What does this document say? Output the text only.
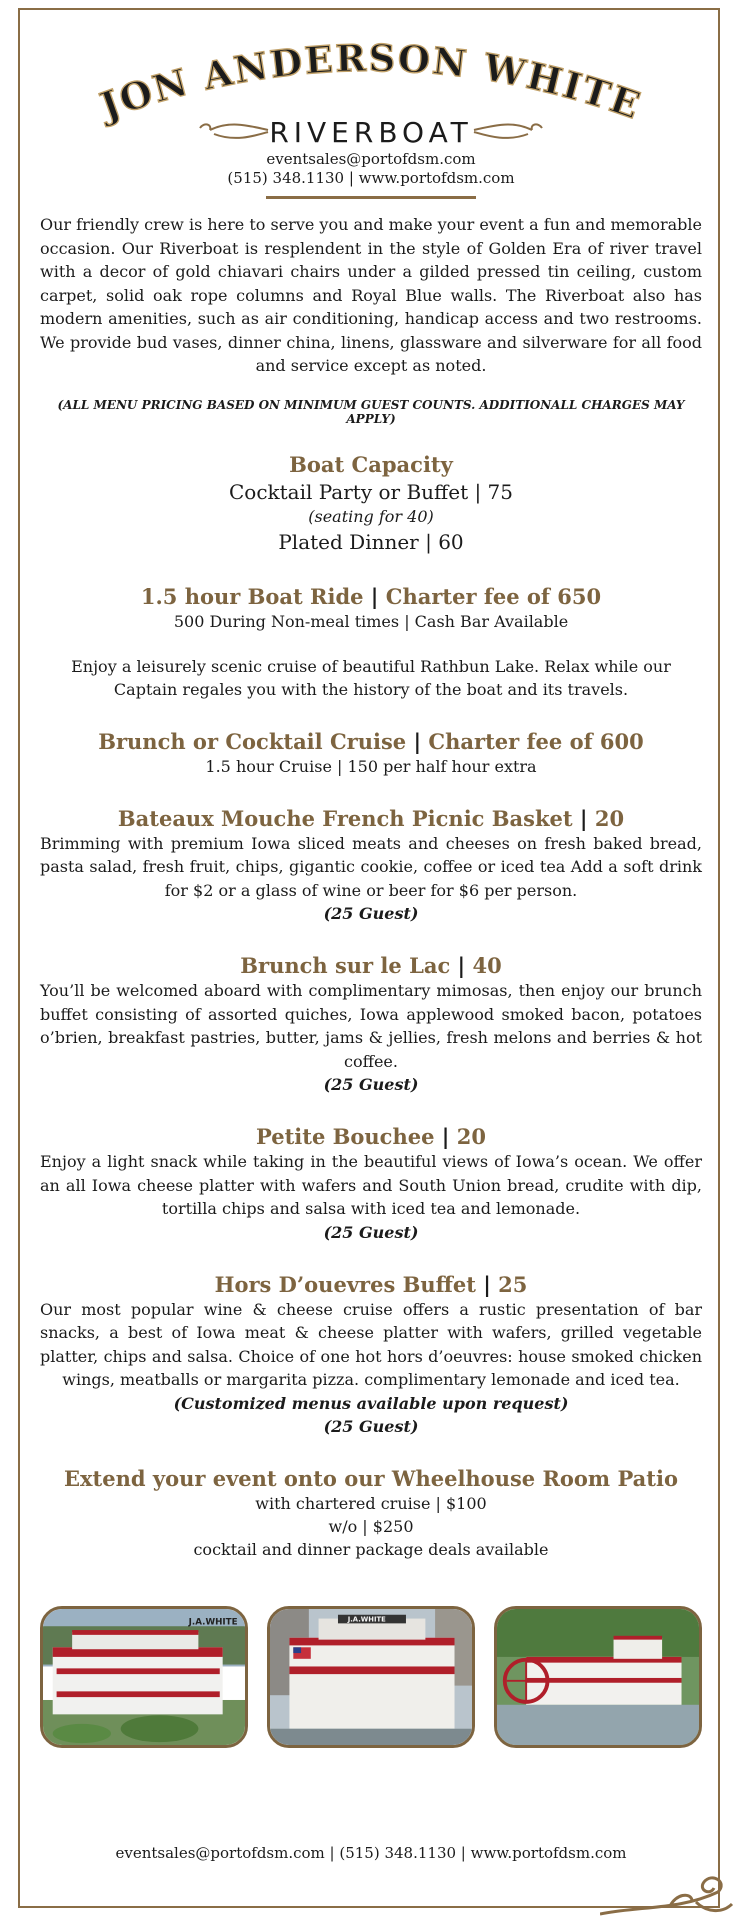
JON ANDERSON WHITE
RIVERBOAT
eventsales@portofdsm.com
(515) 348.1130 | www.portofdsm.com

Our friendly crew is here to serve you and make your event a fun and memorable occasion. Our Riverboat is resplendent in the style of Golden Era of river travel with a decor of gold chiavari chairs under a gilded pressed tin ceiling, custom carpet, solid oak rope columns and Royal Blue walls. The Riverboat also has modern amenities, such as air conditioning, handicap access and two restrooms. We provide bud vases, dinner china, linens, glassware and silverware for all food and service except as noted.

(ALL MENU PRICING BASED ON MINIMUM GUEST COUNTS. ADDITIONALL CHARGES MAY APPLY)
Boat Capacity
Cocktail Party or Buffet | 75
(seating for 40)
Plated Dinner | 60
1.5 hour Boat Ride | Charter fee of 650
500 During Non-meal times | Cash Bar Available
Enjoy a leisurely scenic cruise of beautiful Rathbun Lake. Relax while our Captain regales you with the history of the boat and its travels.
Brunch or Cocktail Cruise | Charter fee of 600
1.5 hour Cruise | 150 per half hour extra
Bateaux Mouche French Picnic Basket | 20
Brimming with premium Iowa sliced meats and cheeses on fresh baked bread, pasta salad, fresh fruit, chips, gigantic cookie, coffee or iced tea Add a soft drink for $2 or a glass of wine or beer for $6 per person.
(25 Guest)
Brunch sur le Lac | 40
You’ll be welcomed aboard with complimentary mimosas, then enjoy our brunch buffet consisting of assorted quiches, Iowa applewood smoked bacon, potatoes o’brien, breakfast pastries, butter, jams & jellies, fresh melons and berries & hot coffee.
(25 Guest)
Petite Bouchee | 20
Enjoy a light snack while taking in the beautiful views of Iowa’s ocean. We offer an all Iowa cheese platter with wafers and South Union bread, crudite with dip, tortilla chips and salsa with iced tea and lemonade.
(25 Guest)
Hors D’ouevres Buffet | 25
Our most popular wine & cheese cruise offers a rustic presentation of bar snacks, a best of Iowa meat & cheese platter with wafers, grilled vegetable platter, chips and salsa. Choice of one hot hors d’oeuvres: house smoked chicken wings, meatballs or margarita pizza. complimentary lemonade and iced tea.
(Customized menus available upon request)
(25 Guest)
Extend your event onto our Wheelhouse Room Patio
with chartered cruise | $100
w/o | $250
cocktail and dinner package deals available
J.A.WHITE	J.A.WHITE
eventsales@portofdsm.com | (515) 348.1130 | www.portofdsm.com
